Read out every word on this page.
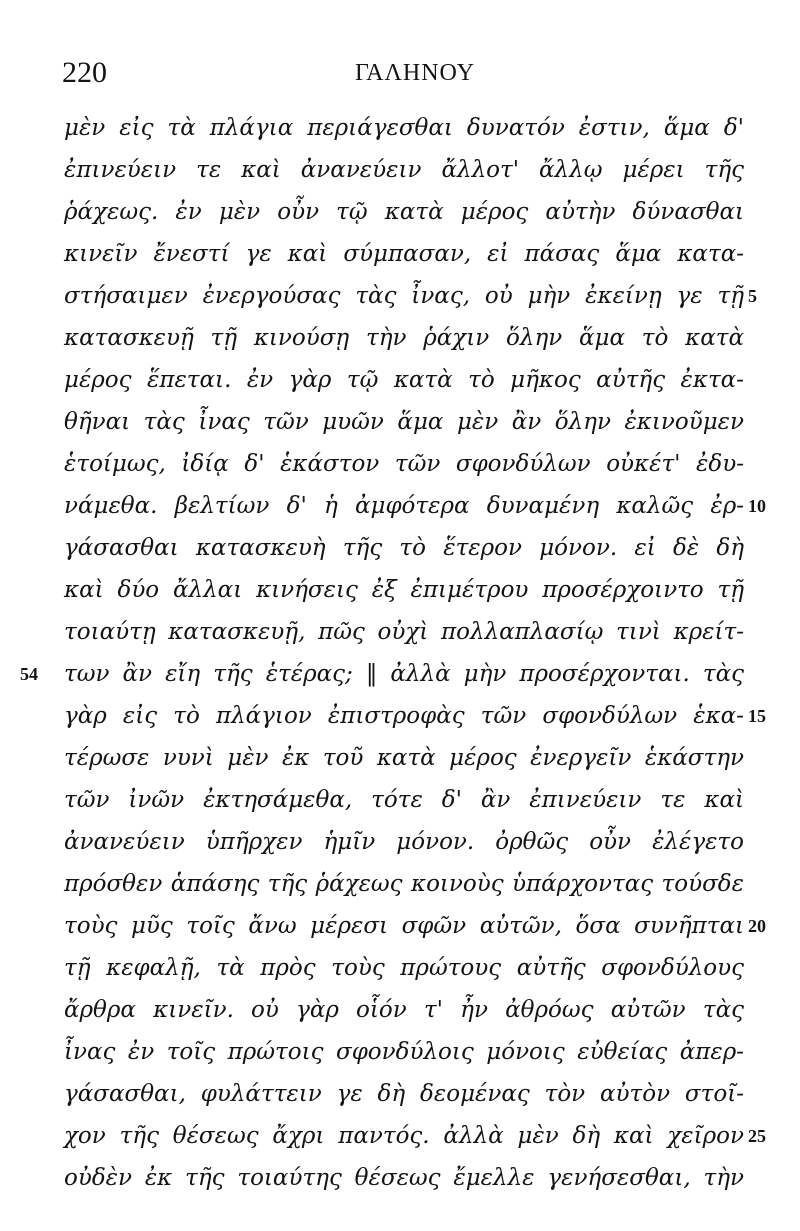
220	ΓΑΛΗΝΟΥ
μὲν εἰς τὰ πλάγια περιάγεσθαι δυνατόν ἐστιν, ἅμα δ'
ἐπινεύειν τε καὶ ἀνανεύειν ἄλλοτ' ἄλλῳ μέρει τῆς
ῥάχεως. ἐν μὲν οὖν τῷ κατὰ μέρος αὐτὴν δύνασθαι
κινεῖν ἔνεστί γε καὶ σύμπασαν, εἰ πάσας ἅμα κατα-
στήσαιμεν ἐνεργούσας τὰς ἶνας, οὐ μὴν ἐκείνῃ γε τῇ
κατασκευῇ τῇ κινούσῃ τὴν ῥάχιν ὅλην ἅμα τὸ κατὰ
μέρος ἕπεται. ἐν γὰρ τῷ κατὰ τὸ μῆκος αὐτῆς ἐκτα-
θῆναι τὰς ἶνας τῶν μυῶν ἅμα μὲν ἂν ὅλην ἐκινοῦμεν
ἑτοίμως, ἰδίᾳ δ' ἑκάστον τῶν σφονδύλων οὐκέτ' ἐδυ-
νάμεθα. βελτίων δ' ἡ ἀμφότερα δυναμένη καλῶς ἐρ-
γάσασθαι κατασκευὴ τῆς τὸ ἕτερον μόνον. εἰ δὲ δὴ
καὶ δύο ἄλλαι κινήσεις ἐξ ἐπιμέτρου προσέρχοιντο τῇ
τοιαύτῃ κατασκευῇ, πῶς οὐχὶ πολλαπλασίῳ τινὶ κρείτ-
των ἂν εἴη τῆς ἑτέρας; ‖ ἀλλὰ μὴν προσέρχονται. τὰς
γὰρ εἰς τὸ πλάγιον ἐπιστροφὰς τῶν σφονδύλων ἑκα-
τέρωσε νυνὶ μὲν ἐκ τοῦ κατὰ μέρος ἐνεργεῖν ἑκάστην
τῶν ἰνῶν ἐκτησάμεθα, τότε δ' ἂν ἐπινεύειν τε καὶ
ἀνανεύειν ὑπῆρχεν ἡμῖν μόνον. ὀρθῶς οὖν ἐλέγετο
πρόσθεν ἁπάσης τῆς ῥάχεως κοινοὺς ὑπάρχοντας τούσδε
τοὺς μῦς τοῖς ἄνω μέρεσι σφῶν αὐτῶν, ὅσα συνῆπται
τῇ κεφαλῇ, τὰ πρὸς τοὺς πρώτους αὐτῆς σφονδύλους
ἄρθρα κινεῖν. οὐ γὰρ οἷόν τ' ἦν ἀθρόως αὐτῶν τὰς
ἶνας ἐν τοῖς πρώτοις σφονδύλοις μόνοις εὐθείας ἀπερ-
γάσασθαι, φυλάττειν γε δὴ δεομένας τὸν αὐτὸν στοῖ-
χον τῆς θέσεως ἄχρι παντός. ἀλλὰ μὲν δὴ καὶ χεῖρον
οὐδὲν ἐκ τῆς τοιαύτης θέσεως ἔμελλε γενήσεσθαι, τὴν
5
10
15
20
25
54
